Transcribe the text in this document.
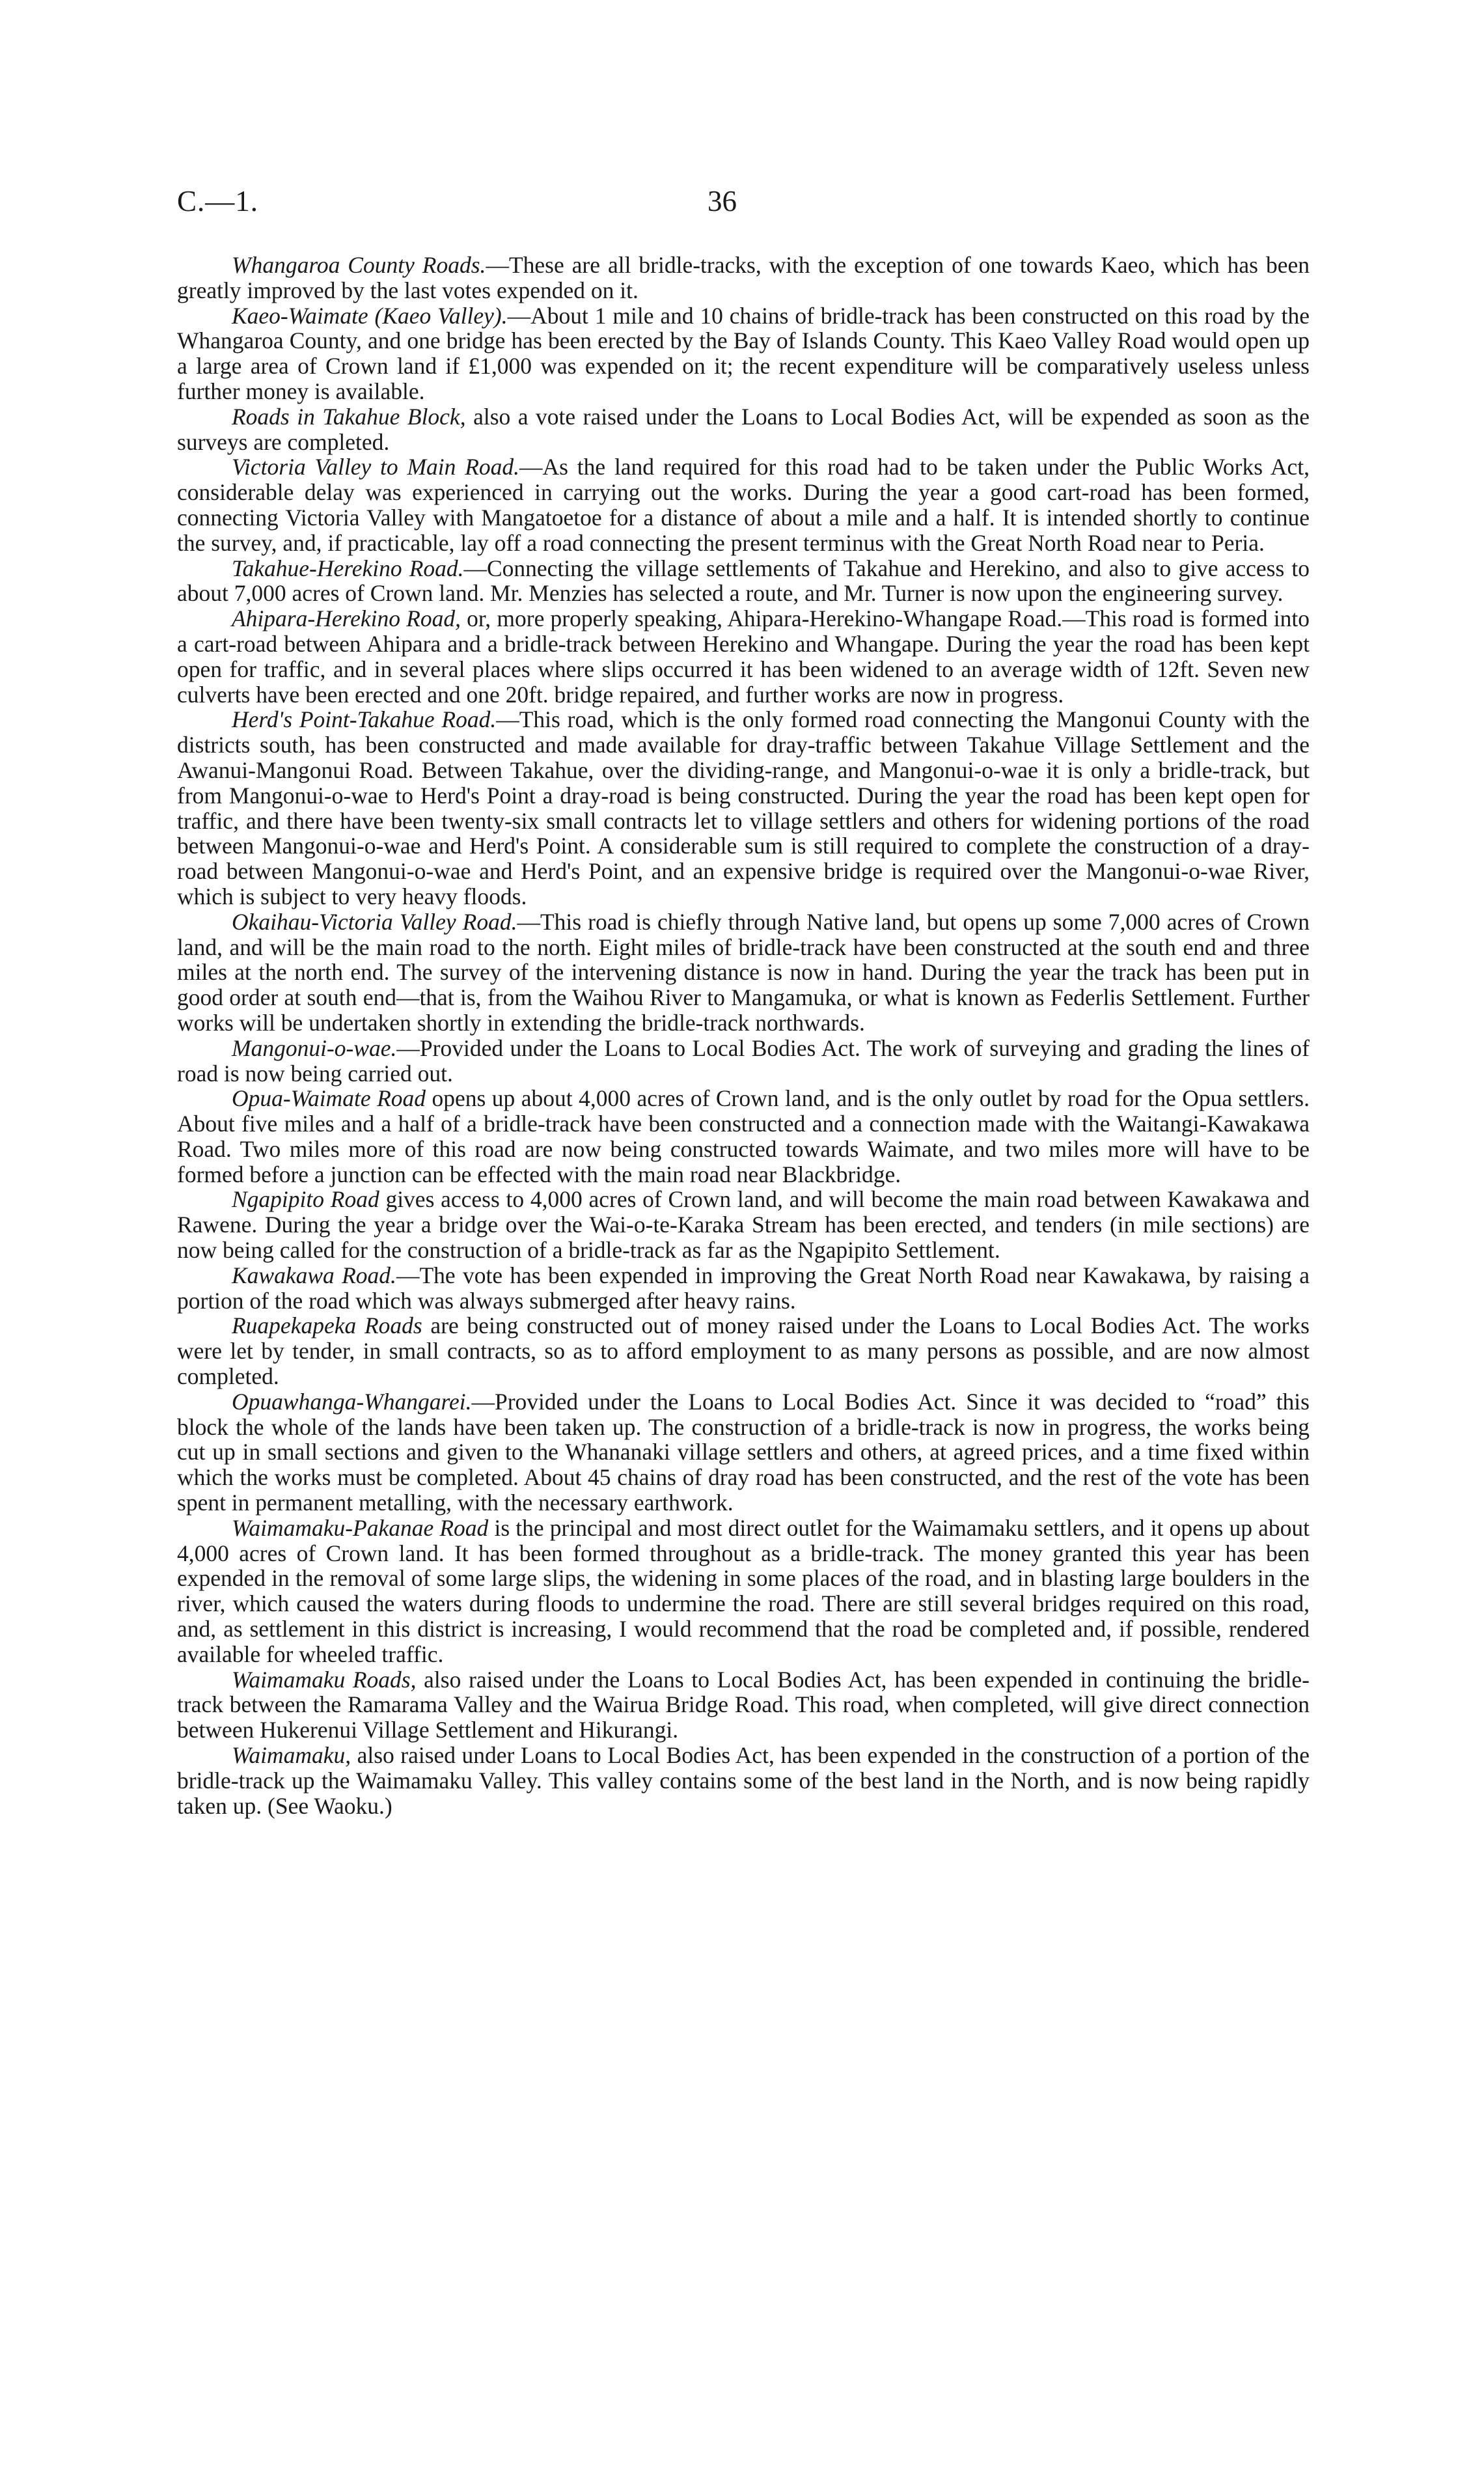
C.—1.	36

Whangaroa County Roads.—These are all bridle-tracks, with the exception of one towards Kaeo, which has been greatly improved by the last votes expended on it.

Kaeo-Waimate (Kaeo Valley).—About 1 mile and 10 chains of bridle-track has been constructed on this road by the Whangaroa County, and one bridge has been erected by the Bay of Islands County. This Kaeo Valley Road would open up a large area of Crown land if £1,000 was expended on it; the recent expenditure will be comparatively useless unless further money is available.

Roads in Takahue Block, also a vote raised under the Loans to Local Bodies Act, will be expended as soon as the surveys are completed.

Victoria Valley to Main Road.—As the land required for this road had to be taken under the Public Works Act, considerable delay was experienced in carrying out the works. During the year a good cart-road has been formed, connecting Victoria Valley with Mangatoetoe for a distance of about a mile and a half. It is intended shortly to continue the survey, and, if practicable, lay off a road connecting the present terminus with the Great North Road near to Peria.

Takahue-Herekino Road.—Connecting the village settlements of Takahue and Herekino, and also to give access to about 7,000 acres of Crown land. Mr. Menzies has selected a route, and Mr. Turner is now upon the engineering survey.

Ahipara-Herekino Road, or, more properly speaking, Ahipara-Herekino-Whangape Road.—This road is formed into a cart-road between Ahipara and a bridle-track between Herekino and Whangape. During the year the road has been kept open for traffic, and in several places where slips occurred it has been widened to an average width of 12ft. Seven new culverts have been erected and one 20ft. bridge repaired, and further works are now in progress.

Herd's Point-Takahue Road.—This road, which is the only formed road connecting the Mangonui County with the districts south, has been constructed and made available for dray-traffic between Takahue Village Settlement and the Awanui-Mangonui Road. Between Takahue, over the dividing-range, and Mangonui-o-wae it is only a bridle-track, but from Mangonui-o-wae to Herd's Point a dray-road is being constructed. During the year the road has been kept open for traffic, and there have been twenty-six small contracts let to village settlers and others for widening portions of the road between Mangonui-o-wae and Herd's Point. A considerable sum is still required to complete the construction of a dray-road between Mangonui-o-wae and Herd's Point, and an expensive bridge is required over the Mangonui-o-wae River, which is subject to very heavy floods.

Okaihau-Victoria Valley Road.—This road is chiefly through Native land, but opens up some 7,000 acres of Crown land, and will be the main road to the north. Eight miles of bridle-track have been constructed at the south end and three miles at the north end. The survey of the intervening distance is now in hand. During the year the track has been put in good order at south end—that is, from the Waihou River to Mangamuka, or what is known as Federlis Settlement. Further works will be undertaken shortly in extending the bridle-track northwards.

Mangonui-o-wae.—Provided under the Loans to Local Bodies Act. The work of surveying and grading the lines of road is now being carried out.

Opua-Waimate Road opens up about 4,000 acres of Crown land, and is the only outlet by road for the Opua settlers. About five miles and a half of a bridle-track have been constructed and a connection made with the Waitangi-Kawakawa Road. Two miles more of this road are now being constructed towards Waimate, and two miles more will have to be formed before a junction can be effected with the main road near Blackbridge.

Ngapipito Road gives access to 4,000 acres of Crown land, and will become the main road between Kawakawa and Rawene. During the year a bridge over the Wai-o-te-Karaka Stream has been erected, and tenders (in mile sections) are now being called for the construction of a bridle-track as far as the Ngapipito Settlement.

Kawakawa Road.—The vote has been expended in improving the Great North Road near Kawakawa, by raising a portion of the road which was always submerged after heavy rains.

Ruapekapeka Roads are being constructed out of money raised under the Loans to Local Bodies Act. The works were let by tender, in small contracts, so as to afford employment to as many persons as possible, and are now almost completed.

Opuawhanga-Whangarei.—Provided under the Loans to Local Bodies Act. Since it was decided to “road” this block the whole of the lands have been taken up. The construction of a bridle-track is now in progress, the works being cut up in small sections and given to the Whananaki village settlers and others, at agreed prices, and a time fixed within which the works must be completed. About 45 chains of dray road has been constructed, and the rest of the vote has been spent in permanent metalling, with the necessary earthwork.

Waimamaku-Pakanae Road is the principal and most direct outlet for the Waimamaku settlers, and it opens up about 4,000 acres of Crown land. It has been formed throughout as a bridle-track. The money granted this year has been expended in the removal of some large slips, the widening in some places of the road, and in blasting large boulders in the river, which caused the waters during floods to undermine the road. There are still several bridges required on this road, and, as settlement in this district is increasing, I would recommend that the road be completed and, if possible, rendered available for wheeled traffic.

Waimamaku Roads, also raised under the Loans to Local Bodies Act, has been expended in continuing the bridle-track between the Ramarama Valley and the Wairua Bridge Road. This road, when completed, will give direct connection between Hukerenui Village Settlement and Hikurangi.

Waimamaku, also raised under Loans to Local Bodies Act, has been expended in the construction of a portion of the bridle-track up the Waimamaku Valley. This valley contains some of the best land in the North, and is now being rapidly taken up. (See Waoku.)
